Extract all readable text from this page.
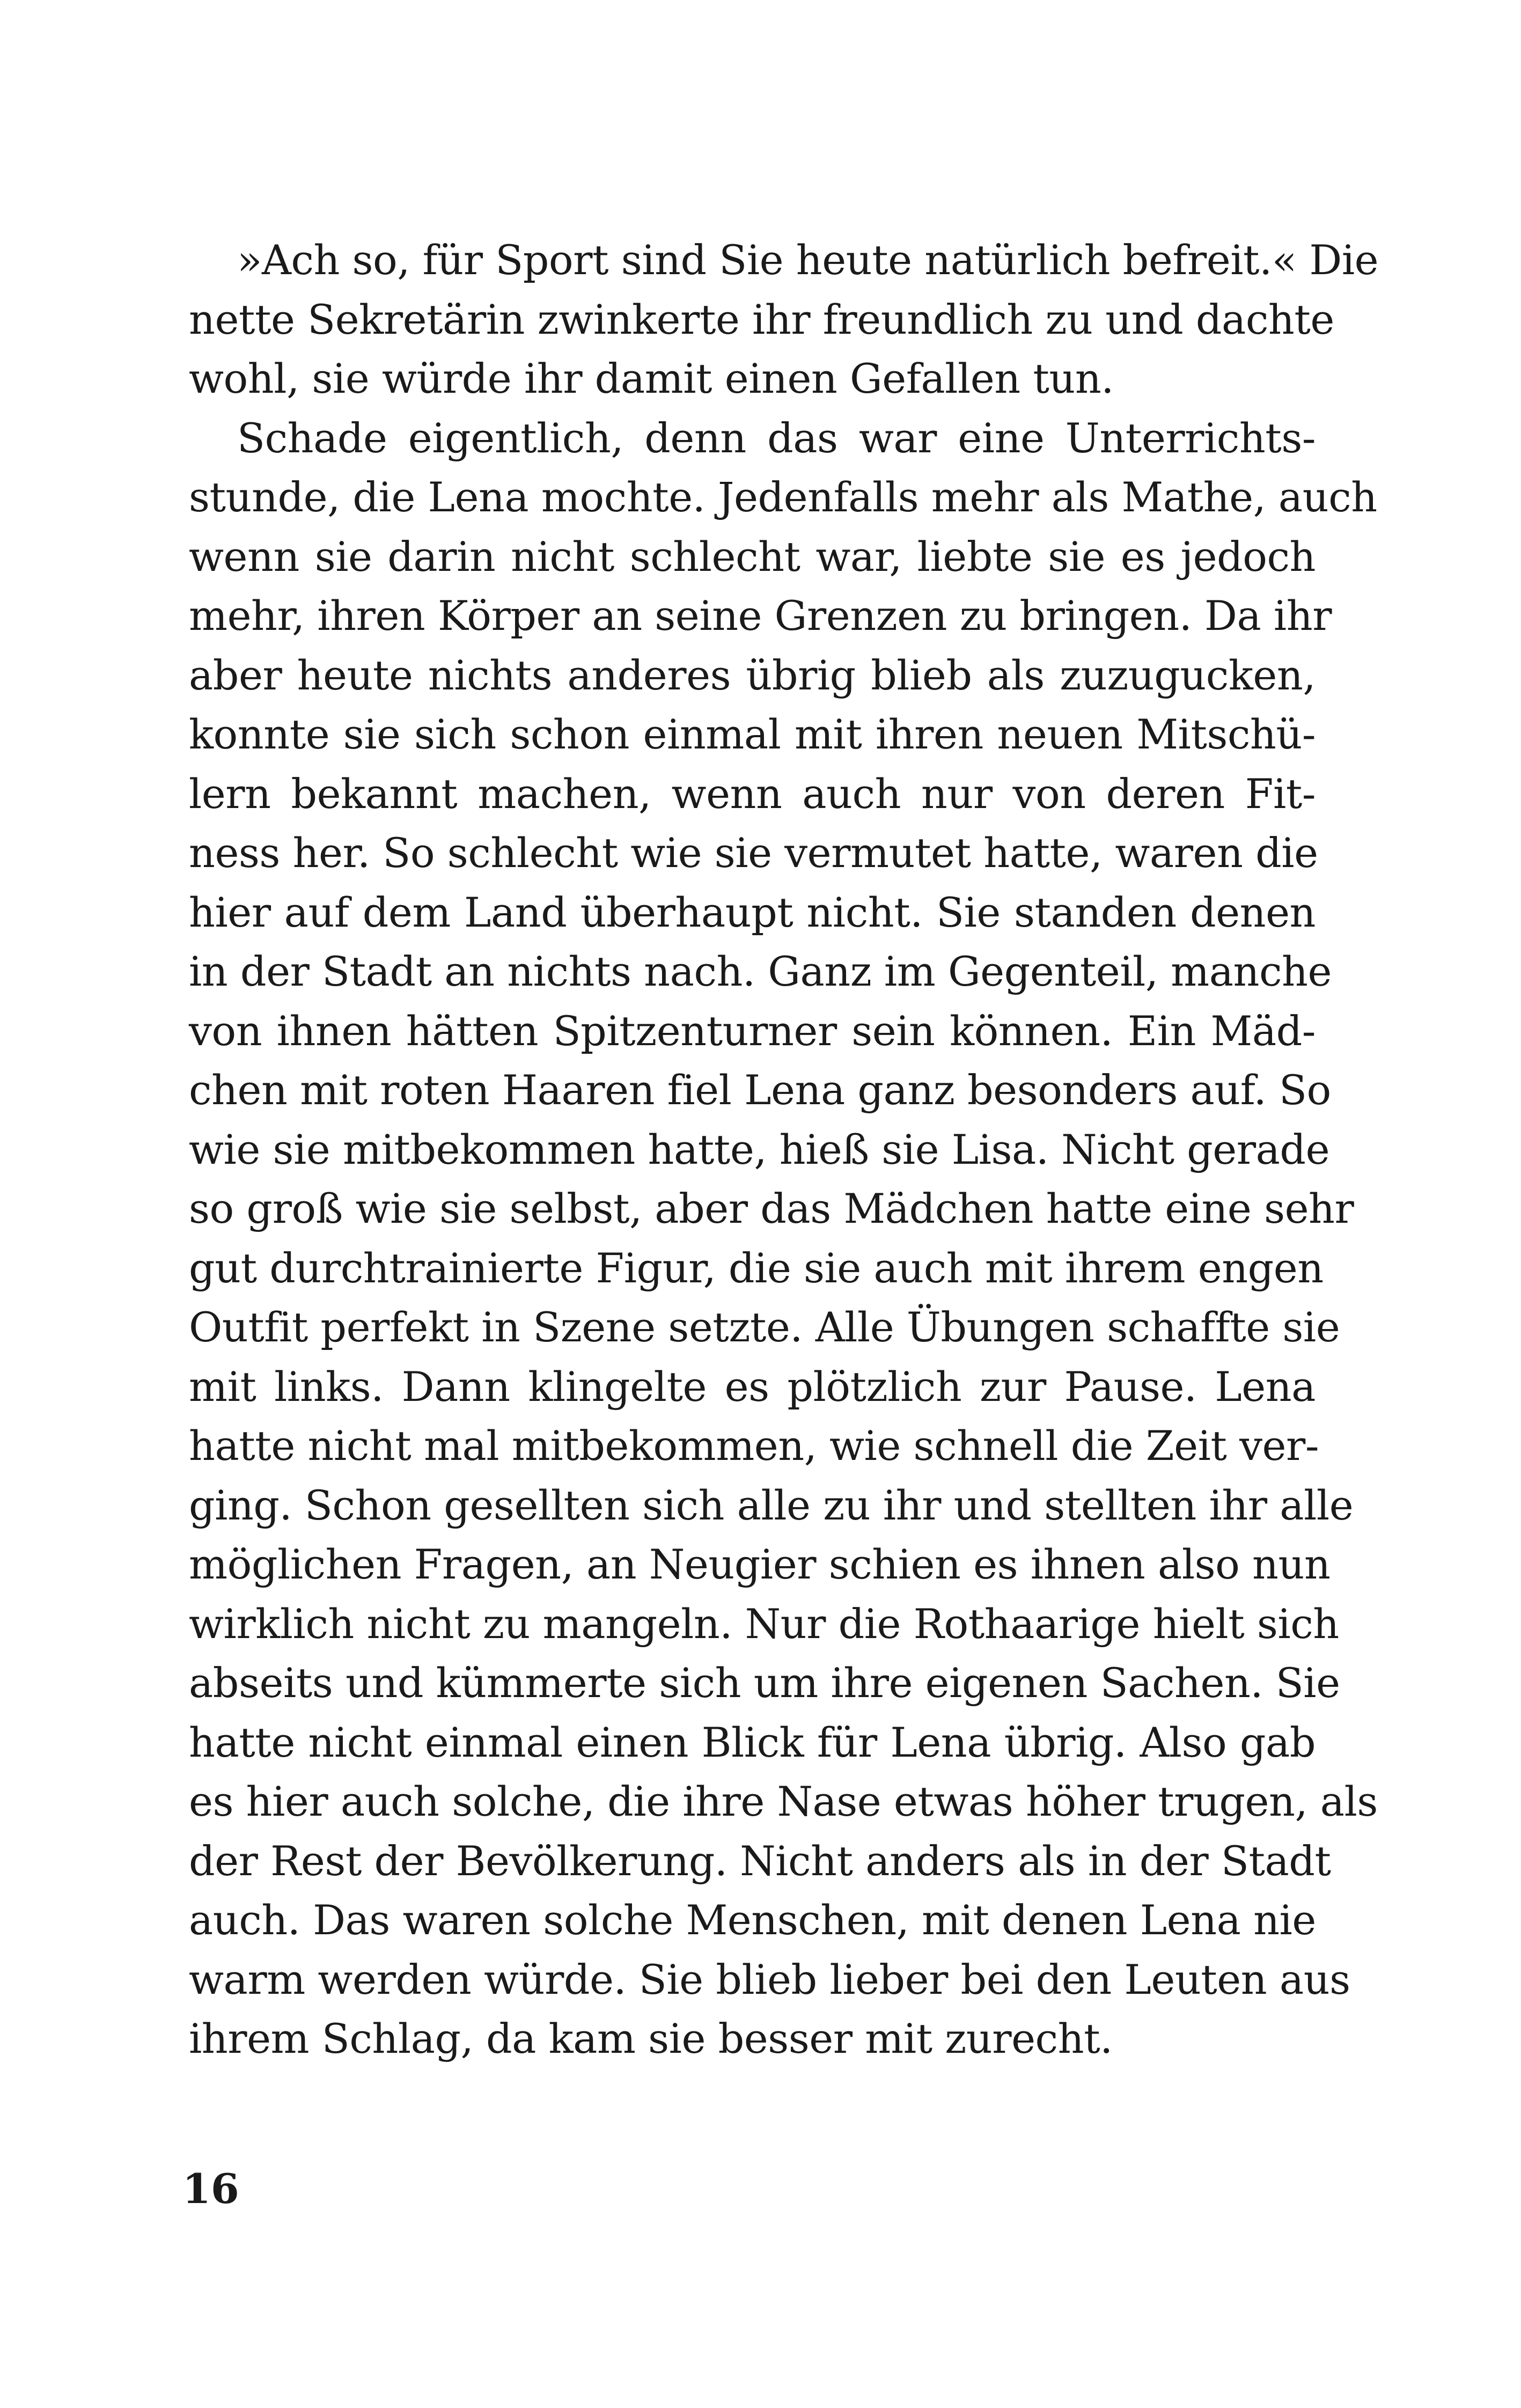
»Ach so, für Sport sind Sie heute natürlich befreit.« Die
nette Sekretärin zwinkerte ihr freundlich zu und dachte
wohl, sie würde ihr damit einen Gefallen tun.
Schade eigentlich, denn das war eine Unterrichts-
stunde, die Lena mochte. Jedenfalls mehr als Mathe, auch
wenn sie darin nicht schlecht war, liebte sie es jedoch
mehr, ihren Körper an seine Grenzen zu bringen. Da ihr
aber heute nichts anderes übrig blieb als zuzugucken,
konnte sie sich schon einmal mit ihren neuen Mitschü-
lern bekannt machen, wenn auch nur von deren Fit-
ness her. So schlecht wie sie vermutet hatte, waren die
hier auf dem Land überhaupt nicht. Sie standen denen
in der Stadt an nichts nach. Ganz im Gegenteil, manche
von ihnen hätten Spitzenturner sein können. Ein Mäd-
chen mit roten Haaren fiel Lena ganz besonders auf. So
wie sie mitbekommen hatte, hieß sie Lisa. Nicht gerade
so groß wie sie selbst, aber das Mädchen hatte eine sehr
gut durchtrainierte Figur, die sie auch mit ihrem engen
Outfit perfekt in Szene setzte. Alle Übungen schaffte sie
mit links. Dann klingelte es plötzlich zur Pause. Lena
hatte nicht mal mitbekommen, wie schnell die Zeit ver-
ging. Schon gesellten sich alle zu ihr und stellten ihr alle
möglichen Fragen, an Neugier schien es ihnen also nun
wirklich nicht zu mangeln. Nur die Rothaarige hielt sich
abseits und kümmerte sich um ihre eigenen Sachen. Sie
hatte nicht einmal einen Blick für Lena übrig. Also gab
es hier auch solche, die ihre Nase etwas höher trugen, als
der Rest der Bevölkerung. Nicht anders als in der Stadt
auch. Das waren solche Menschen, mit denen Lena nie
warm werden würde. Sie blieb lieber bei den Leuten aus
ihrem Schlag, da kam sie besser mit zurecht.
16
